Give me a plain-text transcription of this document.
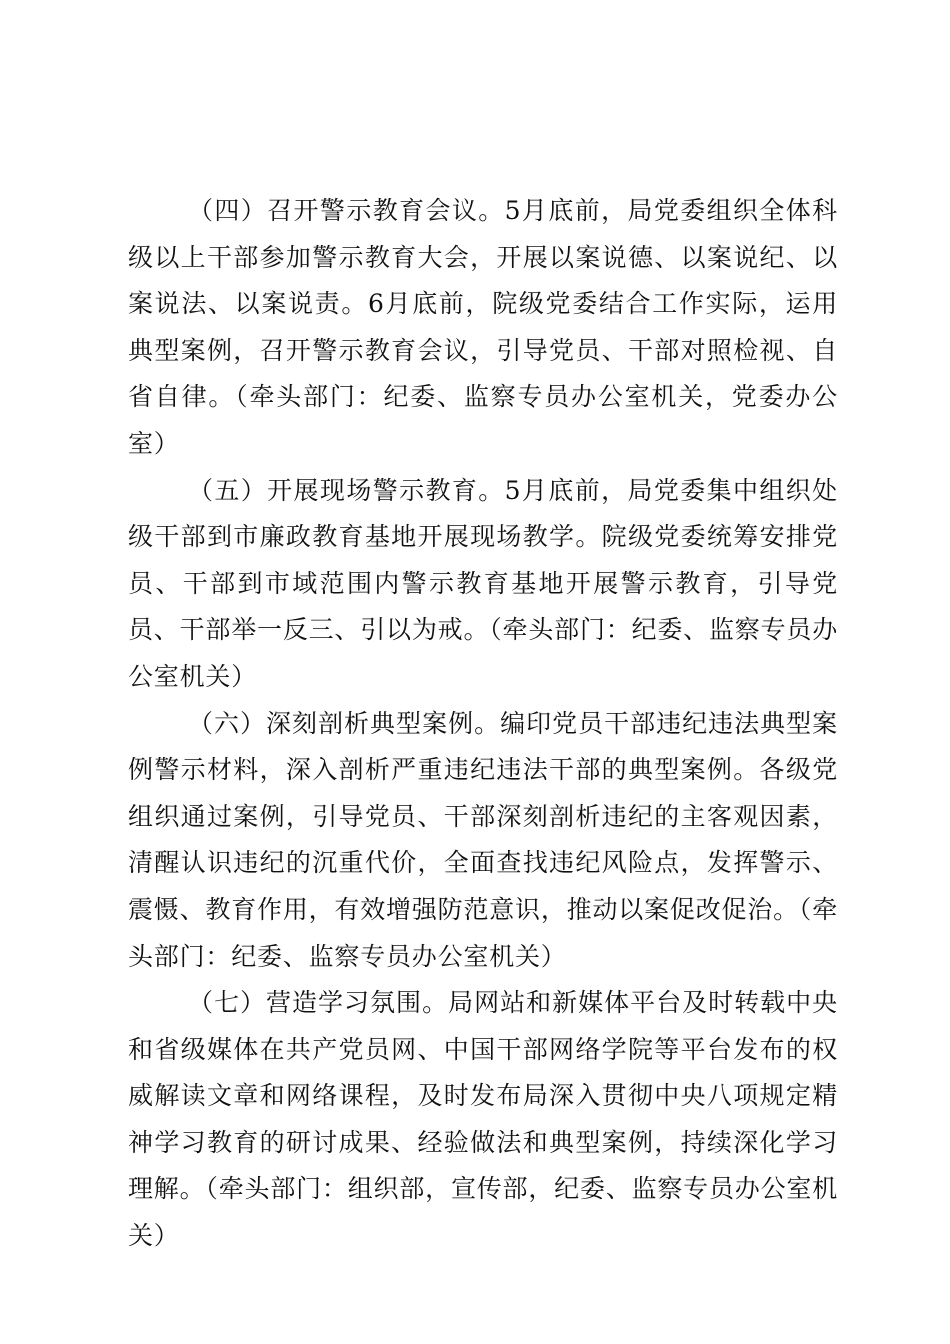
（四）召开警示教育会议。5月底前，局党委组织全体科级以上干部参加警示教育大会，开展以案说德、以案说纪、以案说法、以案说责。6月底前，院级党委结合工作实际，运用典型案例，召开警示教育会议，引导党员、干部对照检视、自省自律。（牵头部门：纪委、监察专员办公室机关，党委办公室）

（五）开展现场警示教育。5月底前，局党委集中组织处级干部到市廉政教育基地开展现场教学。院级党委统筹安排党员、干部到市域范围内警示教育基地开展警示教育，引导党员、干部举一反三、引以为戒。（牵头部门：纪委、监察专员办公室机关）

（六）深刻剖析典型案例。编印党员干部违纪违法典型案例警示材料，深入剖析严重违纪违法干部的典型案例。各级党组织通过案例，引导党员、干部深刻剖析违纪的主客观因素，清醒认识违纪的沉重代价，全面查找违纪风险点，发挥警示、震慑、教育作用，有效增强防范意识，推动以案促改促治。（牵头部门：纪委、监察专员办公室机关）

（七）营造学习氛围。局网站和新媒体平台及时转载中央和省级媒体在共产党员网、中国干部网络学院等平台发布的权威解读文章和网络课程，及时发布局深入贯彻中央八项规定精神学习教育的研讨成果、经验做法和典型案例，持续深化学习理解。（牵头部门：组织部，宣传部，纪委、监察专员办公室机关）
